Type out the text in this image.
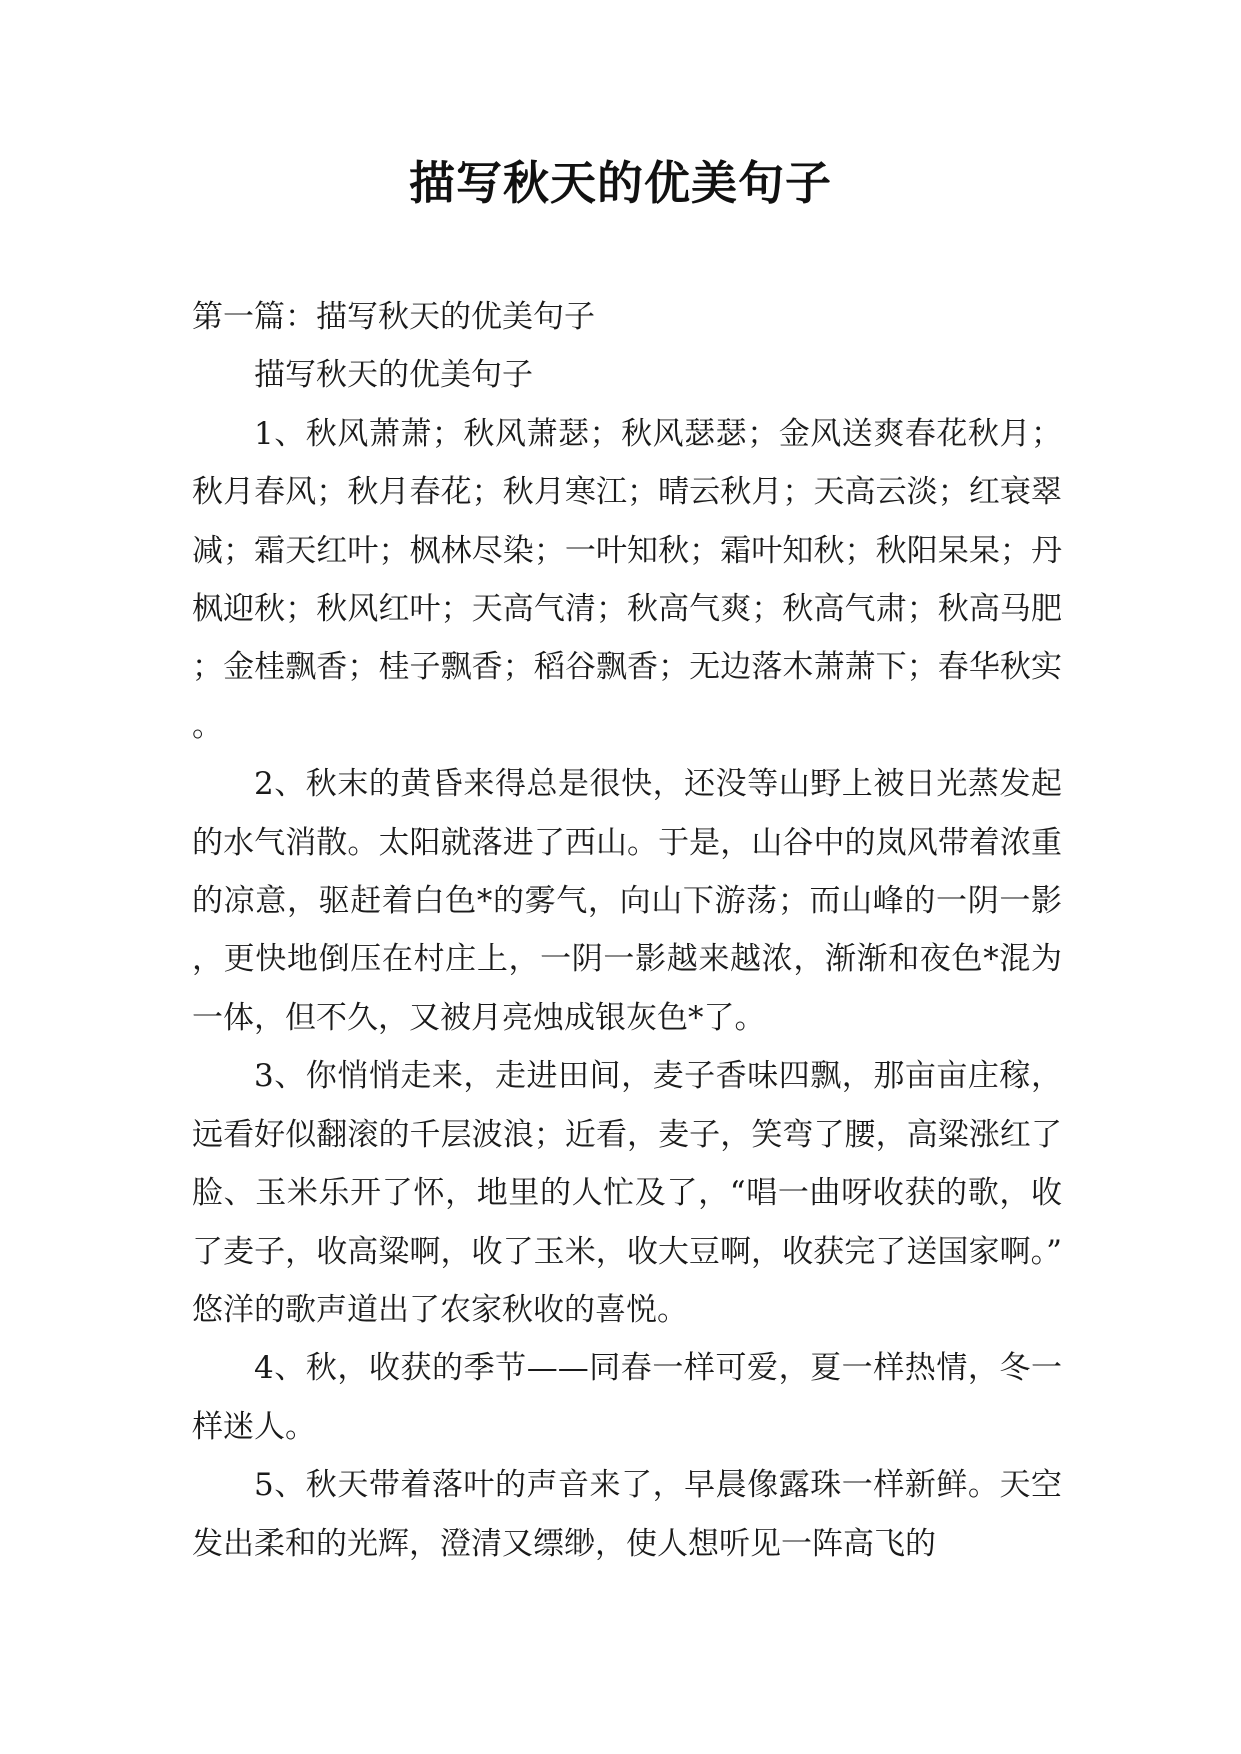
描写秋天的优美句子

第一篇：描写秋天的优美句子

描写秋天的优美句子

1、秋风萧萧；秋风萧瑟；秋风瑟瑟；金风送爽春花秋月；秋月春风；秋月春花；秋月寒江；晴云秋月；天高云淡；红衰翠减；霜天红叶；枫林尽染；一叶知秋；霜叶知秋；秋阳杲杲；丹枫迎秋；秋风红叶；天高气清；秋高气爽；秋高气肃；秋高马肥；金桂飘香；桂子飘香；稻谷飘香；无边落木萧萧下；春华秋实。

2、秋末的黄昏来得总是很快，还没等山野上被日光蒸发起的水气消散。太阳就落进了西山。于是，山谷中的岚风带着浓重的凉意，驱赶着白色*的雾气，向山下游荡；而山峰的一阴一影，更快地倒压在村庄上，一阴一影越来越浓，渐渐和夜色*混为一体，但不久，又被月亮烛成银灰色*了。

3、你悄悄走来，走进田间，麦子香味四飘，那亩亩庄稼，远看好似翻滚的千层波浪；近看，麦子，笑弯了腰，高粱涨红了脸、玉米乐开了怀，地里的人忙及了，“唱一曲呀收获的歌，收了麦子，收高粱啊，收了玉米，收大豆啊，收获完了送国家啊。”悠洋的歌声道出了农家秋收的喜悦。

4、秋，收获的季节——同春一样可爱，夏一样热情，冬一样迷人。

5、秋天带着落叶的声音来了，早晨像露珠一样新鲜。天空发出柔和的光辉，澄清又缥缈，使人想听见一阵高飞的
